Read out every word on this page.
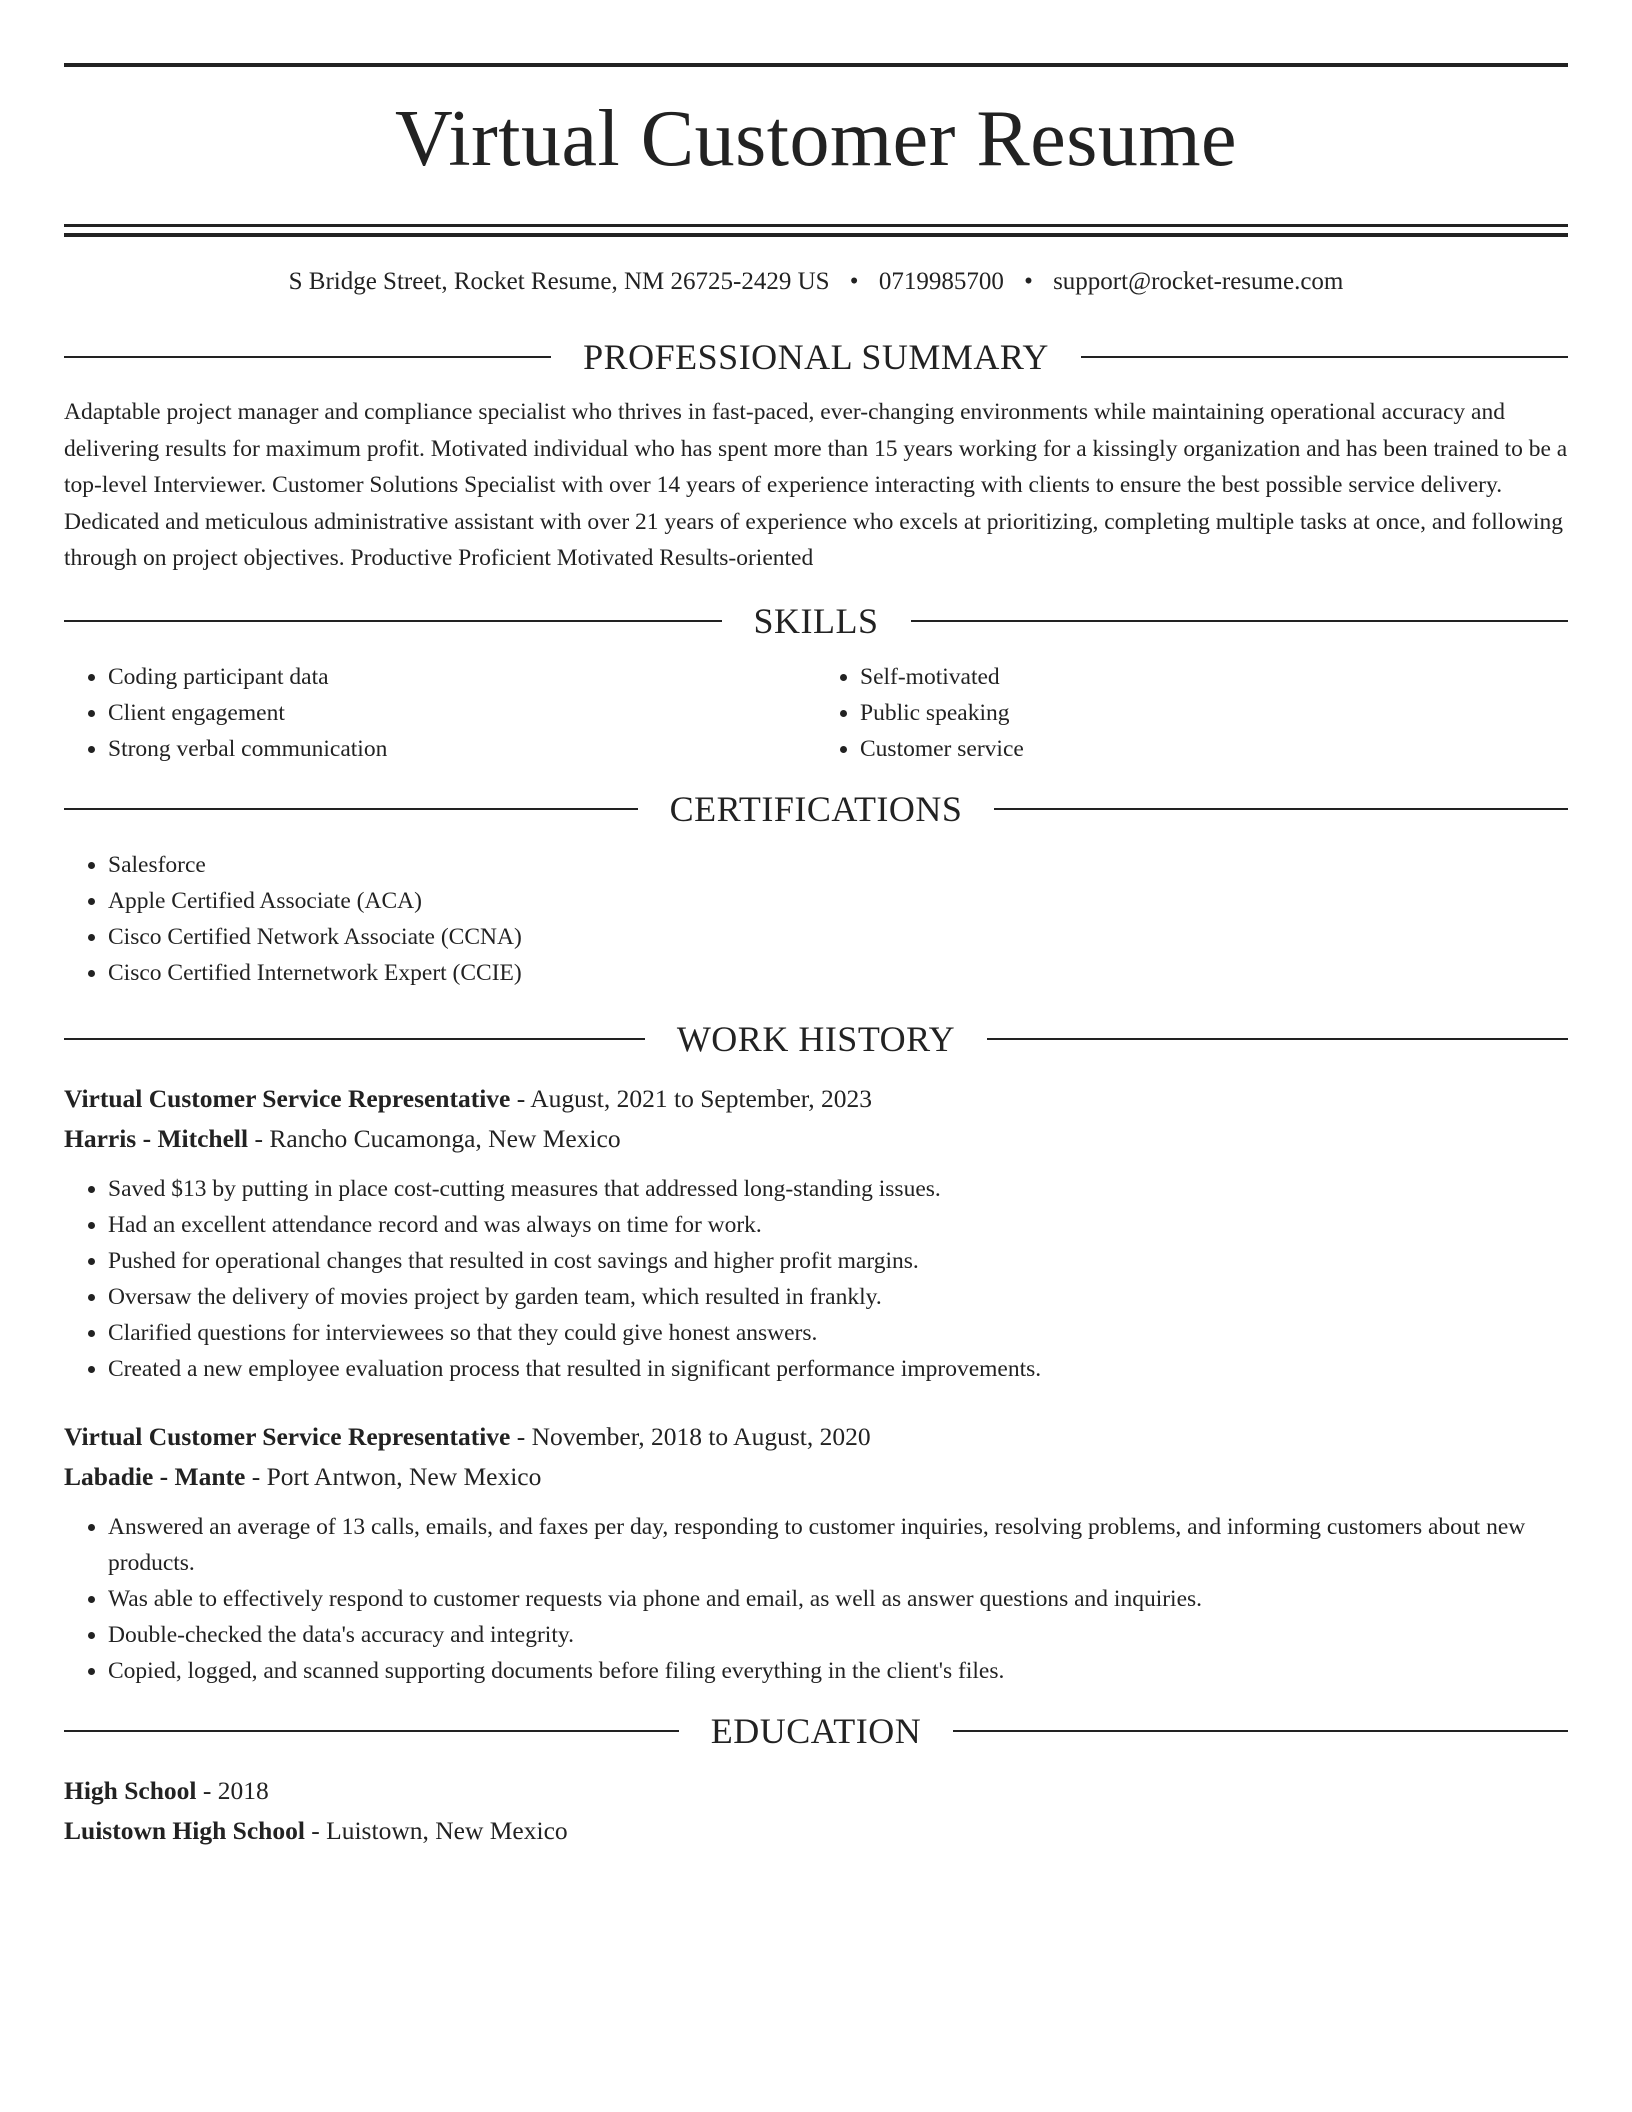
Virtual Customer Resume
S Bridge Street, Rocket Resume, NM 26725-2429 US • 0719985700 • support@rocket-resume.com
PROFESSIONAL SUMMARY
Adaptable project manager and compliance specialist who thrives in fast-paced, ever-changing environments while maintaining operational accuracy and delivering results for maximum profit. Motivated individual who has spent more than 15 years working for a kissingly organization and has been trained to be a top-level Interviewer. Customer Solutions Specialist with over 14 years of experience interacting with clients to ensure the best possible service delivery. Dedicated and meticulous administrative assistant with over 21 years of experience who excels at prioritizing, completing multiple tasks at once, and following through on project objectives. Productive Proficient Motivated Results-oriented
SKILLS
• Coding participant data
• Client engagement
• Strong verbal communication
• Self-motivated
• Public speaking
• Customer service
CERTIFICATIONS
• Salesforce
• Apple Certified Associate (ACA)
• Cisco Certified Network Associate (CCNA)
• Cisco Certified Internetwork Expert (CCIE)
WORK HISTORY
Virtual Customer Service Representative - August, 2021 to September, 2023
Harris - Mitchell - Rancho Cucamonga, New Mexico
• Saved $13 by putting in place cost-cutting measures that addressed long-standing issues.
• Had an excellent attendance record and was always on time for work.
• Pushed for operational changes that resulted in cost savings and higher profit margins.
• Oversaw the delivery of movies project by garden team, which resulted in frankly.
• Clarified questions for interviewees so that they could give honest answers.
• Created a new employee evaluation process that resulted in significant performance improvements.
Virtual Customer Service Representative - November, 2018 to August, 2020
Labadie - Mante - Port Antwon, New Mexico
• Answered an average of 13 calls, emails, and faxes per day, responding to customer inquiries, resolving problems, and informing customers about new products.
• Was able to effectively respond to customer requests via phone and email, as well as answer questions and inquiries.
• Double-checked the data's accuracy and integrity.
• Copied, logged, and scanned supporting documents before filing everything in the client's files.
EDUCATION
High School - 2018
Luistown High School - Luistown, New Mexico
